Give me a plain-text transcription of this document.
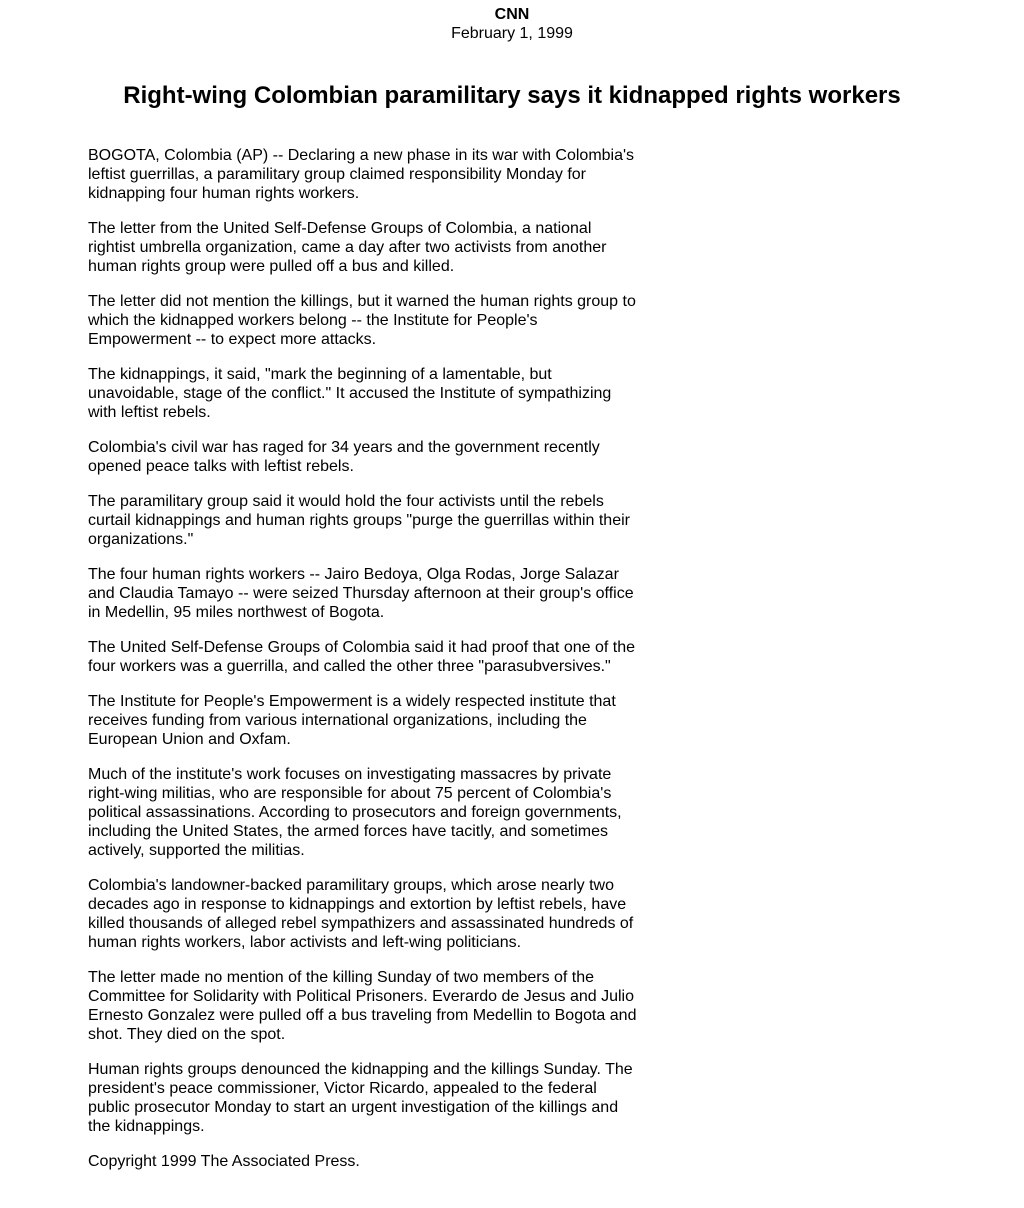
CNN
February 1, 1999
Right-wing Colombian paramilitary says it kidnapped rights workers

BOGOTA, Colombia (AP) -- Declaring a new phase in its war with Colombia's leftist guerrillas, a paramilitary group claimed responsibility Monday for kidnapping four human rights workers.

The letter from the United Self-Defense Groups of Colombia, a national rightist umbrella organization, came a day after two activists from another human rights group were pulled off a bus and killed.

The letter did not mention the killings, but it warned the human rights group to which the kidnapped workers belong -- the Institute for People's Empowerment -- to expect more attacks.

The kidnappings, it said, "mark the beginning of a lamentable, but unavoidable, stage of the conflict." It accused the Institute of sympathizing with leftist rebels.

Colombia's civil war has raged for 34 years and the government recently opened peace talks with leftist rebels.

The paramilitary group said it would hold the four activists until the rebels curtail kidnappings and human rights groups "purge the guerrillas within their organizations."

The four human rights workers -- Jairo Bedoya, Olga Rodas, Jorge Salazar and Claudia Tamayo -- were seized Thursday afternoon at their group's office in Medellin, 95 miles northwest of Bogota.

The United Self-Defense Groups of Colombia said it had proof that one of the four workers was a guerrilla, and called the other three "parasubversives."

The Institute for People's Empowerment is a widely respected institute that receives funding from various international organizations, including the European Union and Oxfam.

Much of the institute's work focuses on investigating massacres by private right-wing militias, who are responsible for about 75 percent of Colombia's political assassinations. According to prosecutors and foreign governments, including the United States, the armed forces have tacitly, and sometimes actively, supported the militias.

Colombia's landowner-backed paramilitary groups, which arose nearly two decades ago in response to kidnappings and extortion by leftist rebels, have killed thousands of alleged rebel sympathizers and assassinated hundreds of human rights workers, labor activists and left-wing politicians.

The letter made no mention of the killing Sunday of two members of the Committee for Solidarity with Political Prisoners. Everardo de Jesus and Julio Ernesto Gonzalez were pulled off a bus traveling from Medellin to Bogota and shot. They died on the spot.

Human rights groups denounced the kidnapping and the killings Sunday. The president's peace commissioner, Victor Ricardo, appealed to the federal public prosecutor Monday to start an urgent investigation of the killings and the kidnappings.

Copyright 1999 The Associated Press.
